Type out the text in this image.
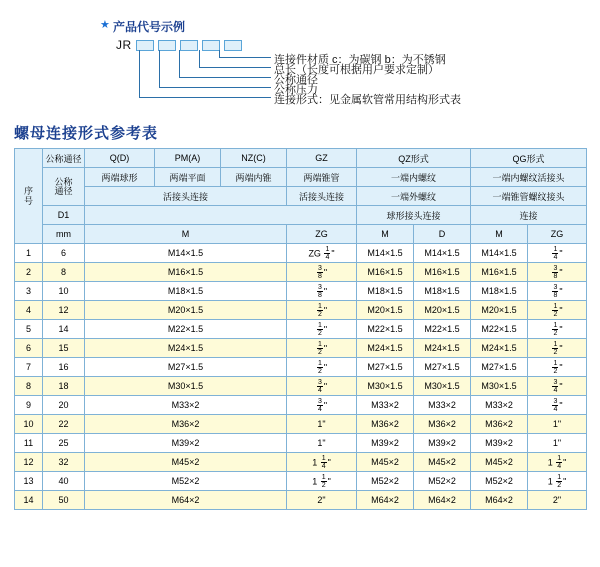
★ 产品代号示例
JR
连接件材质 c：为碳钢 b：为不锈钢
总长（长度可根据用户要求定制）
公称通径
公称压力
连接形式：见金属软管常用结构形式表
螺母连接形式参考表
序
号	公称通径	Q(D)	PM(A)	NZ(C)	GZ	QZ形式		QG形式	

	公称
通径	两端球形	两端平面	两端内锥	两端锥管	一端内螺纹		一端内螺纹活接头	
		活接头连接			活接头连接	一端外螺纹		一端锥管螺纹接头	
	D1					球形接头连接		连接	
	mm	M			ZG	M	D	M	ZG
1	6	M14×1.5			ZG $\frac{1}{4}$ "	M14×1.5	M14×1.5	M14×1.5	$\frac{1}{4}$ "
2	8	M16×1.5			$\frac{3}{8}$ "	M16×1.5	M16×1.5	M16×1.5	$\frac{3}{8}$ "
3	10	M18×1.5			$\frac{3}{8}$ "	M18×1.5	M18×1.5	M18×1.5	$\frac{3}{8}$ "
4	12	M20×1.5			$\frac{1}{2}$ "	M20×1.5	M20×1.5	M20×1.5	$\frac{1}{2}$ "
5	14	M22×1.5			$\frac{1}{2}$ "	M22×1.5	M22×1.5	M22×1.5	$\frac{1}{2}$ "
6	15	M24×1.5			$\frac{1}{2}$ "	M24×1.5	M24×1.5	M24×1.5	$\frac{1}{2}$ "
7	16	M27×1.5			$\frac{1}{2}$ "	M27×1.5	M27×1.5	M27×1.5	$\frac{1}{2}$ "
8	18	M30×1.5			$\frac{3}{4}$ "	M30×1.5	M30×1.5	M30×1.5	$\frac{3}{4}$ "
9	20	M33×2			$\frac{3}{4}$ "	M33×2	M33×2	M33×2	$\frac{3}{4}$ "
10	22	M36×2			1"	M36×2	M36×2	M36×2	1"
11	25	M39×2			1"	M39×2	M39×2	M39×2	1"
12	32	M45×2			$1 \frac{1}{4}$ "	M45×2	M45×2	M45×2	$1 \frac{1}{4}$ "
13	40	M52×2			$1 \frac{1}{2}$ "	M52×2	M52×2	M52×2	$1 \frac{1}{2}$ "
14	50	M64×2			2"	M64×2	M64×2	M64×2	2"
